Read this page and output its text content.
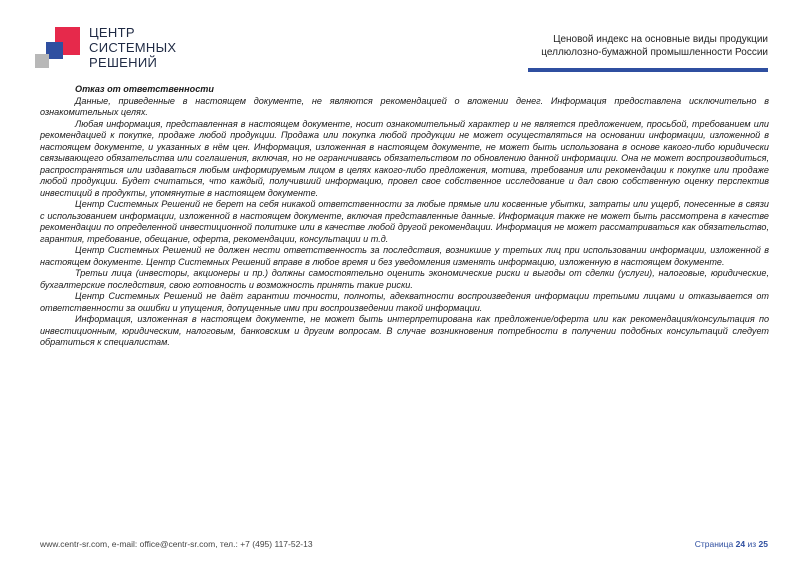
ЦЕНТР
СИСТЕМНЫХ
РЕШЕНИЙ
Ценовой индекс на основные виды продукции
целлюлозно-бумажной промышленности России
Отказ от ответственности

Данные, приведенные в настоящем документе, не являются рекомендацией о вложении денег. Информация предоставлена исключительно в ознакомительных целях.

Любая информация, представленная в настоящем документе, носит ознакомительный характер и не является предложением, просьбой, требованием или рекомендацией к покупке, продаже любой продукции. Продажа или покупка любой продукции не может осуществляться на основании информации, изложенной в настоящем документе, и указанных в нём цен. Информация, изложенная в настоящем документе, не может быть использована в основе какого-либо юридически связывающего обязательства или соглашения, включая, но не ограничиваясь обязательством по обновлению данной информации. Она не может воспроизводиться, распространяться или издаваться любым информируемым лицом в целях какого-либо предложения, мотива, требования или рекомендации к покупке или продаже любой продукции. Будет считаться, что каждый, получивший информацию, провел свое собственное исследование и дал свою собственную оценку перспектив инвестиций в продукты, упомянутые в настоящем документе.

Центр Системных Решений не берет на себя никакой ответственности за любые прямые или косвенные убытки, затраты или ущерб, понесенные в связи с использованием информации, изложенной в настоящем документе, включая представленные данные. Информация также не может быть рассмотрена в качестве рекомендации по определенной инвестиционной политике или в качестве любой другой рекомендации. Информация не может рассматриваться как обязательство, гарантия, требование, обещание, оферта, рекомендации, консультации и т.д.

Центр Системных Решений не должен нести ответственность за последствия, возникшие у третьих лиц при использовании информации, изложенной в настоящем документе. Центр Системных Решений вправе в любое время и без уведомления изменять информацию, изложенную в настоящем документе.

Третьи лица (инвесторы, акционеры и пр.) должны самостоятельно оценить экономические риски и выгоды от сделки (услуги), налоговые, юридические, бухгалтерские последствия, свою готовность и возможность принять такие риски.

Центр Системных Решений не даёт гарантии точности, полноты, адекватности воспроизведения информации третьими лицами и отказывается от ответственности за ошибки и упущения, допущенные ими при воспроизведении такой информации.

Информация, изложенная в настоящем документе, не может быть интерпретирована как предложение/оферта или как рекомендация/консультация по инвестиционным, юридическим, налоговым, банковским и другим вопросам. В случае возникновения потребности в получении подобных консультаций следует обратиться к специалистам.

www.centr-sr.com, e-mail: office@centr-sr.com, тел.: +7 (495) 117-52-13	Страница 24 из 25
